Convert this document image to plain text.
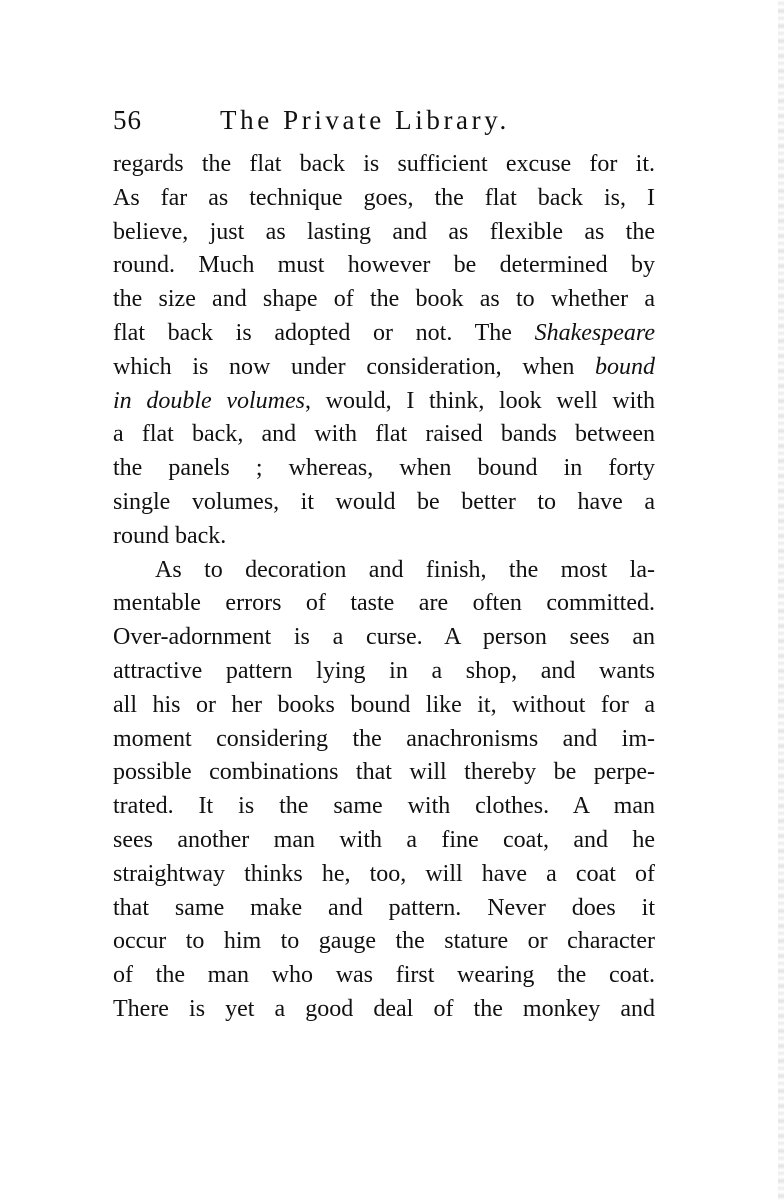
56	The Private Library.
regards the flat back is sufficient excuse for it.
As far as technique goes, the flat back is, I
believe, just as lasting and as flexible as the
round. Much must however be determined by
the size and shape of the book as to whether a
flat back is adopted or not. The Shakespeare
which is now under consideration, when bound
in double volumes, would, I think, look well with
a flat back, and with flat raised bands between
the panels ; whereas, when bound in forty
single volumes, it would be better to have a
round back.
As to decoration and finish, the most la-
mentable errors of taste are often committed.
Over-adornment is a curse. A person sees an
attractive pattern lying in a shop, and wants
all his or her books bound like it, without for a
moment considering the anachronisms and im-
possible combinations that will thereby be perpe-
trated. It is the same with clothes. A man
sees another man with a fine coat, and he
straightway thinks he, too, will have a coat of
that same make and pattern. Never does it
occur to him to gauge the stature or character
of the man who was first wearing the coat.
There is yet a good deal of the monkey and
